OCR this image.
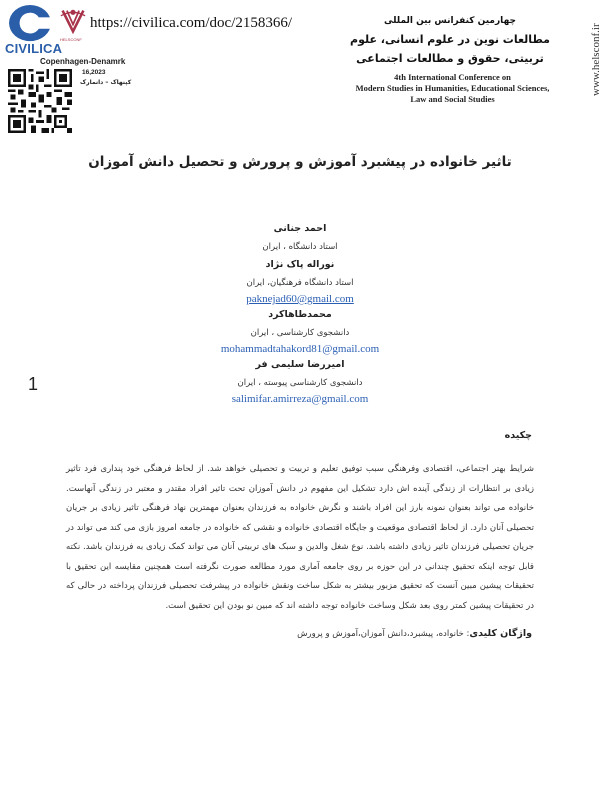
CIVILICA
HELSCONF
https://civilica.com/doc/2158366/
Copenhagen-Denamrk
16,2023
کپنهاک – دانمارک
چهارمین کنفرانس بین المللی
مطالعات نوین در علوم انسانی، علوم تربیتی، حقوق و مطالعات اجتماعی
4th International Conference on
Modern Studies in Humanities, Educational Sciences,
Law and Social Studies
www.helsconf.ir
تاثیر خانواده در پیشبرد آموزش و پرورش و تحصیل دانش آموزان
احمد جنانی
استاد دانشگاه ، ایران
نوراله پاک نژاد
استاد دانشگاه فرهنگیان، ایران
paknejad60@gmail.com
محمدطاهاکرد
دانشجوی کارشناسی ، ایران
mohammadtahakord81@gmail.com
امیررضا سلیمی فر
دانشجوی کارشناسی پیوسته ، ایران
salimifar.amirreza@gmail.com
1
چکیده
شرایط بهتر اجتماعی، اقتصادی وفرهنگی سبب توفیق تعلیم و تربیت و تحصیلی خواهد شد. از لحاظ فرهنگی خود پنداری فرد تاثیر زیادی بر انتظارات از زندگی آینده اش دارد تشکیل این مفهوم در دانش آموزان تحت تاثیر افراد مقتدر و معتبر در زندگی آنهاست. خانواده می تواند بعنوان نمونه بارز این افراد باشند و نگرش خانواده به فرزندان بعنوان مهمترین نهاد فرهنگی تاثیر زیادی بر جریان تحصیلی آنان دارد. از لحاظ اقتصادی موقعیت و جایگاه اقتصادی خانواده و نقشی که خانواده در جامعه امروز بازی می کند می تواند در جریان تحصیلی فرزندان تاثیر زیادی داشته باشد. نوع شغل والدین و سبک های تربیتی آنان می تواند کمک زیادی به فرزندان باشد. نکته قابل توجه اینکه تحقیق چندانی در این حوزه بر روی جامعه آماری مورد مطالعه صورت نگرفته است همچنین مقایسه این تحقیق با تحقیقات پیشین مبین آنست که تحقیق مزبور بیشتر به شکل ساخت ونقش خانواده در پیشرفت تحصیلی فرزندان پرداخته در حالی که در تحقیقات پیشین کمتر روی بعد شکل وساخت خانواده توجه داشته اند که مبین نو بودن این تحقیق است.
واژگان کلیدی: خانواده، پیشبرد،دانش آموزان،آموزش و پرورش
